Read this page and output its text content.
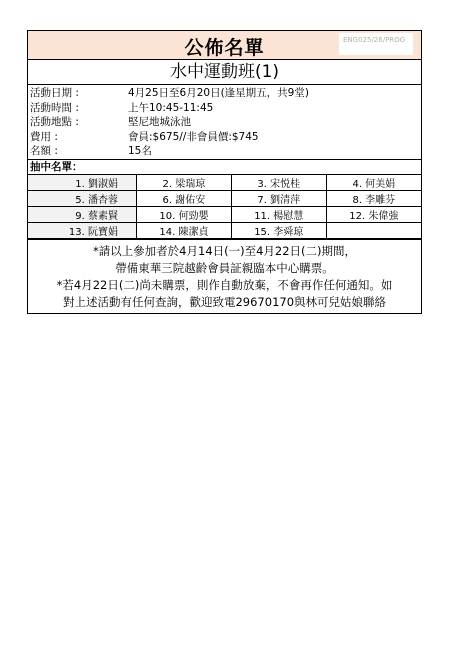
公佈名單	ENG025/26/PROG
水中運動班(1)
活動日期 :	4月25日至6月20日(逢星期五，共9堂)
活動時間 :	上午10:45-11:45
活動地點 :	堅尼地城泳池
費用 :	會員:$675//非會員價:$745
名額 :	15名
抽中名單：
1. 劉淑娟	2. 梁瑞琼	3. 宋悦桂	4. 何美娟
5. 潘杏蓉	6. 謝佑安	7. 劉清萍	8. 李雕芬
9. 蔡素賢	10. 何勁嬰	11. 楊慰慧	12. 朱偉強
13. 阮寶娟	14. 陳潔貞	15. 李舜琼	
*請以上參加者於4月14日(一)至4月22日(二)期間，
帶備東華三院越齡會員証親臨本中心購票。
*若4月22日(二)尚未購票，則作自動放棄，不會再作任何通知。如
對上述活動有任何查詢，歡迎致電29670170與林可兒姑娘聯絡
